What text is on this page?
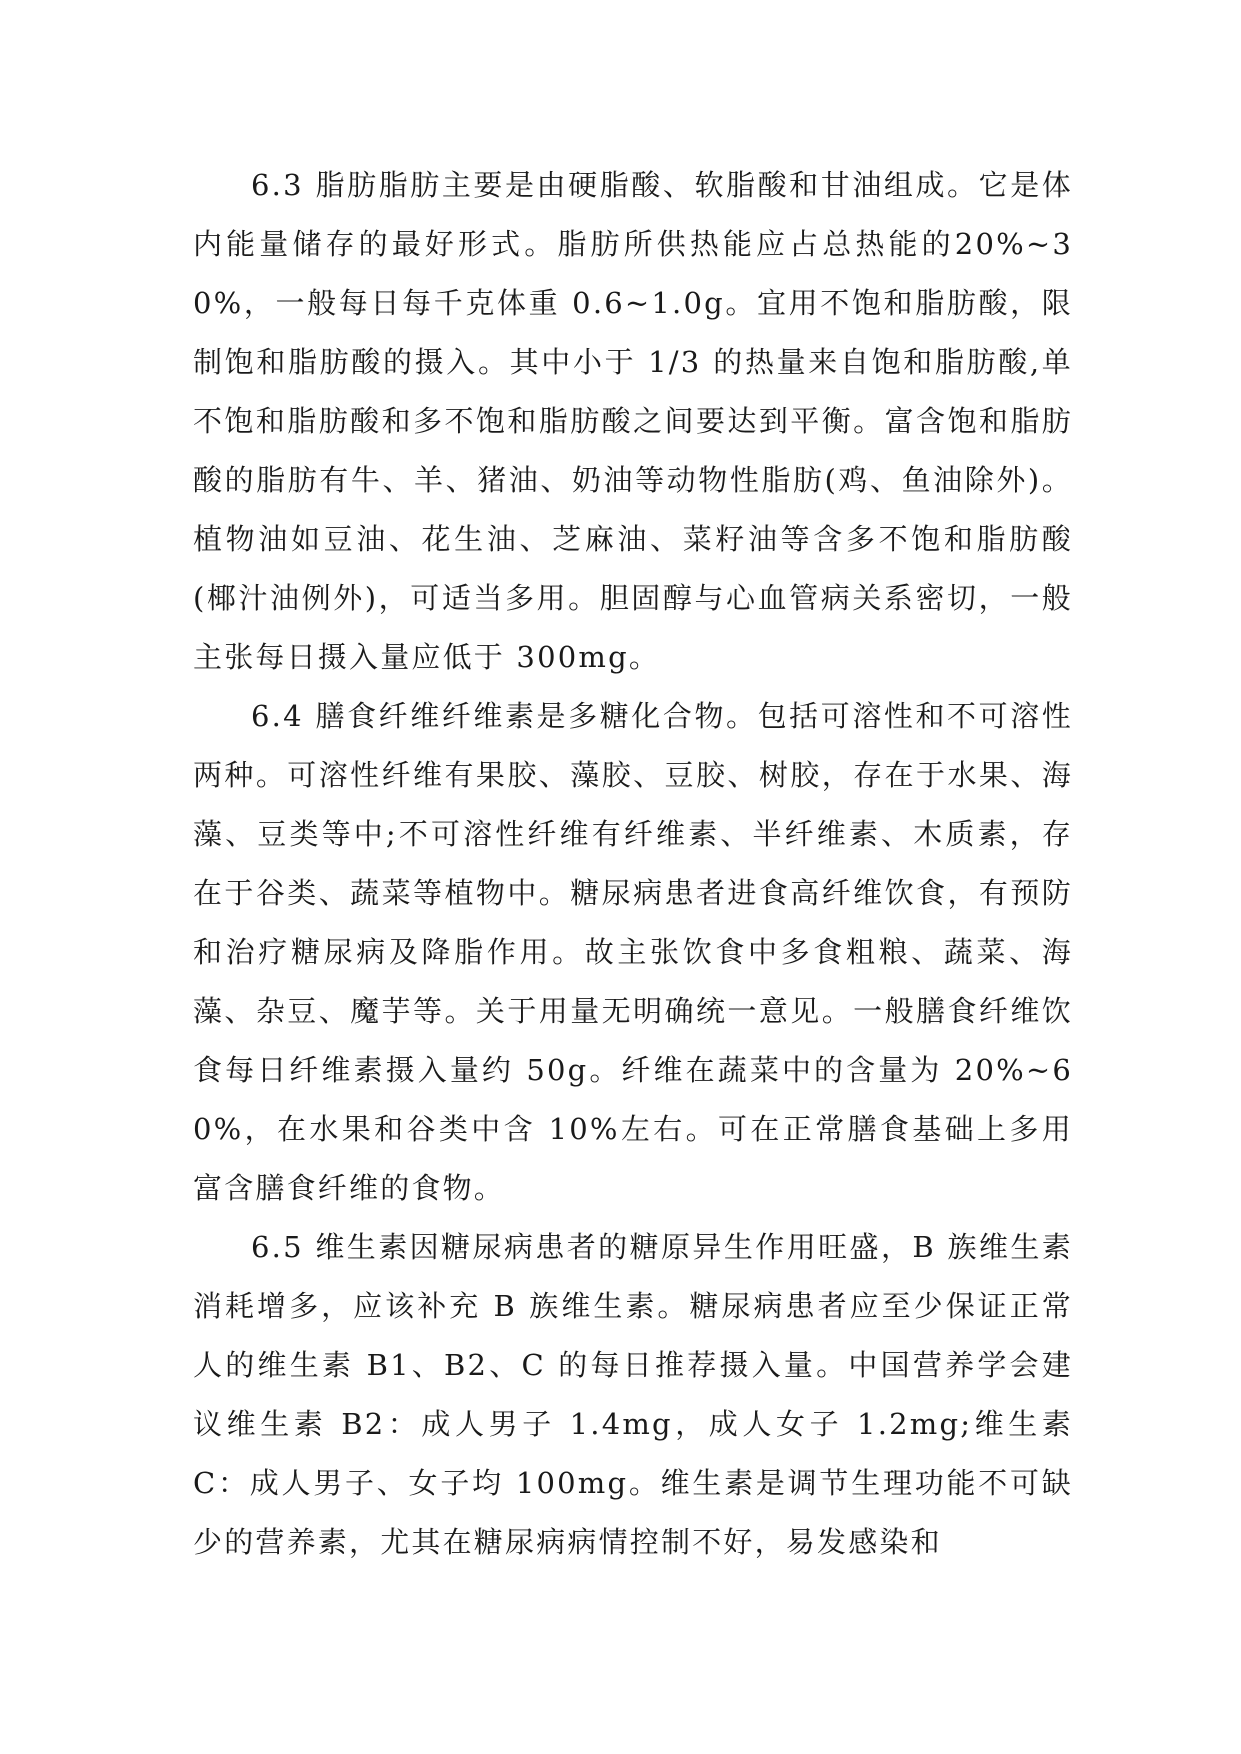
6.3 脂肪脂肪主要是由硬脂酸、软脂酸和甘油组成。它是体内能量储存的最好形式。脂肪所供热能应占总热能的20%~30%，一般每日每千克体重 0.6~1.0g。宜用不饱和脂肪酸，限制饱和脂肪酸的摄入。其中小于 1/3 的热量来自饱和脂肪酸,单不饱和脂肪酸和多不饱和脂肪酸之间要达到平衡。富含饱和脂肪酸的脂肪有牛、羊、猪油、奶油等动物性脂肪(鸡、鱼油除外)。植物油如豆油、花生油、芝麻油、菜籽油等含多不饱和脂肪酸(椰汁油例外)，可适当多用。胆固醇与心血管病关系密切，一般主张每日摄入量应低于 300mg。

6.4 膳食纤维纤维素是多糖化合物。包括可溶性和不可溶性两种。可溶性纤维有果胶、藻胶、豆胶、树胶，存在于水果、海藻、豆类等中;不可溶性纤维有纤维素、半纤维素、木质素，存在于谷类、蔬菜等植物中。糖尿病患者进食高纤维饮食，有预防和治疗糖尿病及降脂作用。故主张饮食中多食粗粮、蔬菜、海藻、杂豆、魔芋等。关于用量无明确统一意见。一般膳食纤维饮食每日纤维素摄入量约 50g。纤维在蔬菜中的含量为 20%~60%，在水果和谷类中含 10%左右。可在正常膳食基础上多用富含膳食纤维的食物。

6.5 维生素因糖尿病患者的糖原异生作用旺盛，B 族维生素消耗增多，应该补充 B 族维生素。糖尿病患者应至少保证正常人的维生素 B1、B2、C 的每日推荐摄入量。中国营养学会建议维生素 B2：成人男子 1.4mg，成人女子 1.2mg;维生素 C：成人男子、女子均 100mg。维生素是调节生理功能不可缺少的营养素，尤其在糖尿病病情控制不好，易发感染和
